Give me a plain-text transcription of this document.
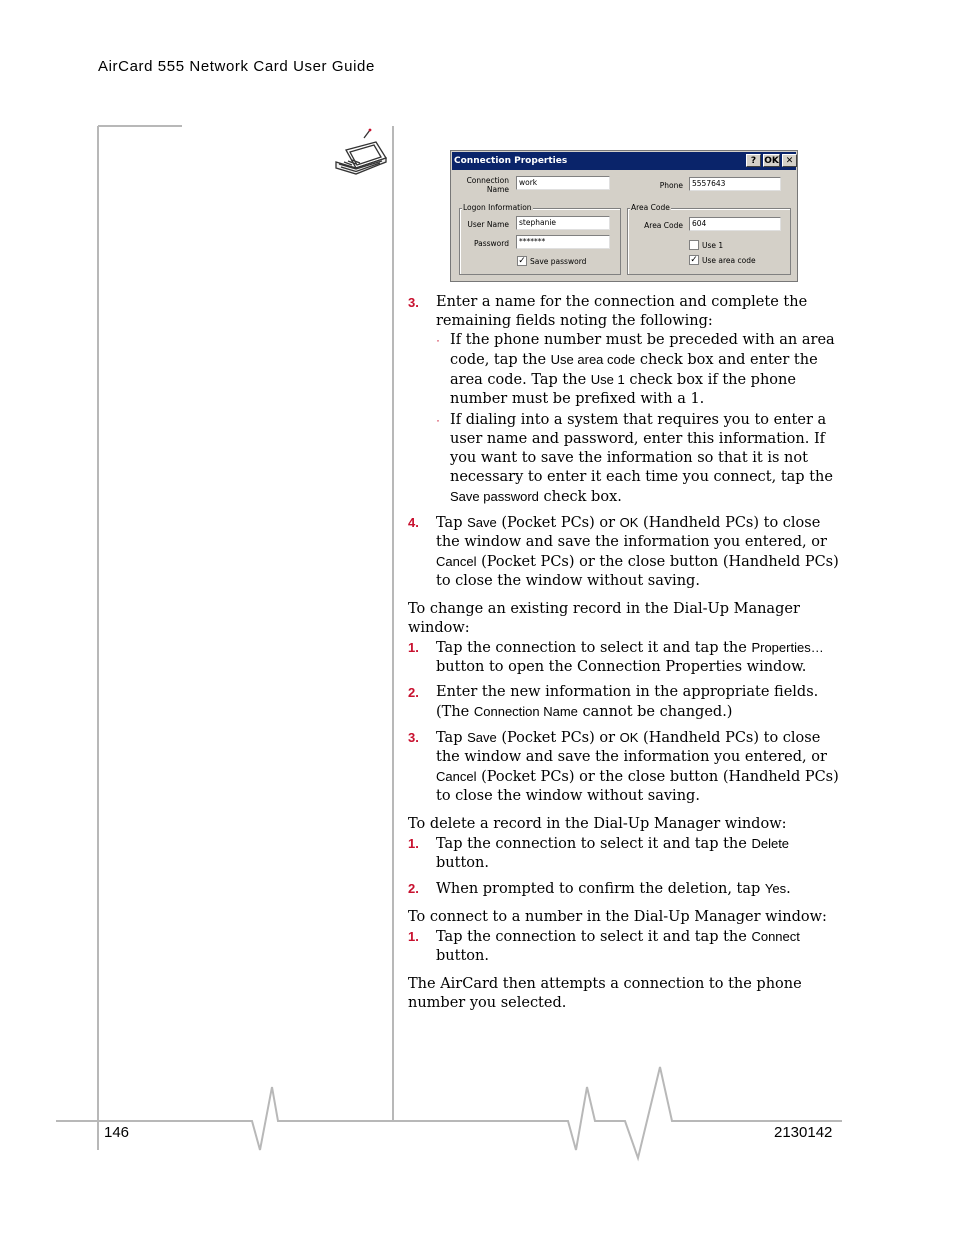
AirCard 555 Network Card User Guide
Connection Properties	? OK ✕
Connection
Name
work	Phone	5557643
Logon Information
User Name	stephanie
Password	*******
✓ Save password
Area Code
Area Code	604
Use 1
✓ Use area code
3. Enter a name for the connection and complete the remaining fields noting the following:

· If the phone number must be preceded with an area code, tap the Use area code check box and enter the area code. Tap the Use 1 check box if the phone number must be prefixed with a 1.
· If dialing into a system that requires you to enter a user name and password, enter this information. If you want to save the information so that it is not necessary to enter it each time you connect, tap the Save password check box.
4. Tap Save (Pocket PCs) or OK (Handheld PCs) to close the window and save the information you entered, or Cancel (Pocket PCs) or the close button (Handheld PCs) to close the window without saving.

To change an existing record in the Dial-Up Manager window:

1. Tap the connection to select it and tap the Properties… button to open the Connection Properties window.
2. Enter the new information in the appropriate fields. (The Connection Name cannot be changed.)
3. Tap Save (Pocket PCs) or OK (Handheld PCs) to close the window and save the information you entered, or Cancel (Pocket PCs) or the close button (Handheld PCs) to close the window without saving.

To delete a record in the Dial-Up Manager window:

1. Tap the connection to select it and tap the Delete button.
2. When prompted to confirm the deletion, tap Yes.

To connect to a number in the Dial-Up Manager window:

1. Tap the connection to select it and tap the Connect button.

The AirCard then attempts a connection to the phone number you selected.

146	2130142
